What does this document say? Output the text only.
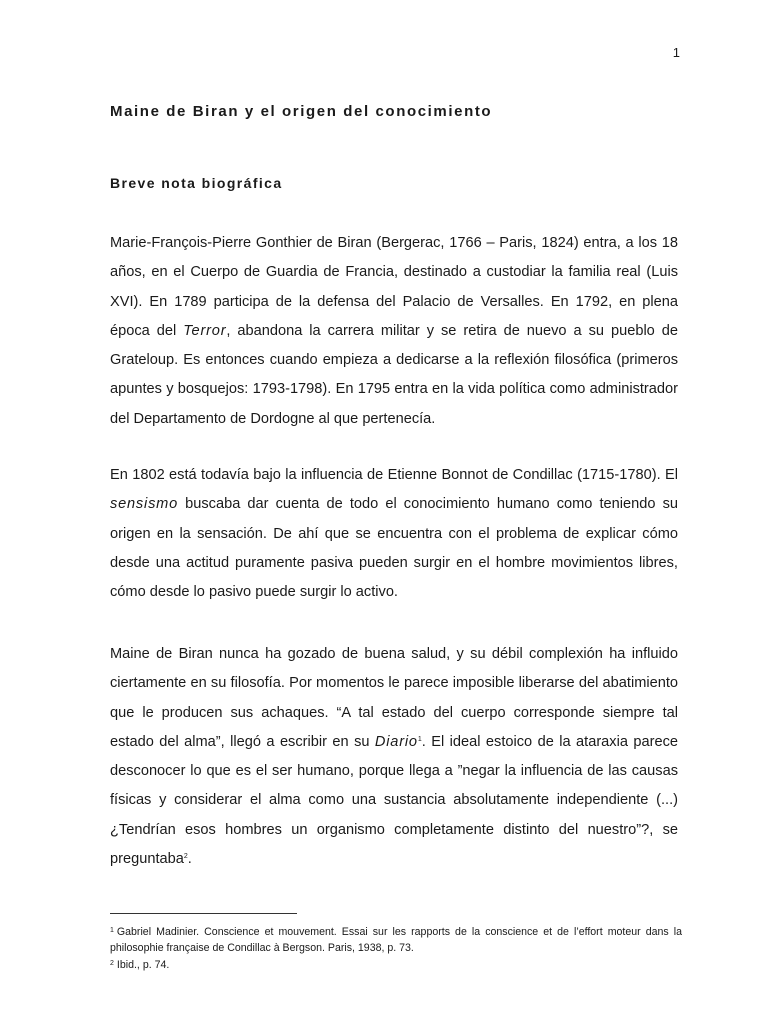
1
Maine de Biran y el origen del conocimiento
Breve nota biográfica

Marie-François-Pierre Gonthier de Biran (Bergerac, 1766 – Paris, 1824) entra, a los 18 años, en el Cuerpo de Guardia de Francia, destinado a custodiar la familia real (Luis XVI). En 1789 participa de la defensa del Palacio de Versalles. En 1792, en plena época del Terror, abandona la carrera militar y se retira de nuevo a su pueblo de Grateloup. Es entonces cuando empieza a dedicarse a la reflexión filosófica (primeros apuntes y bosquejos: 1793-1798). En 1795 entra en la vida política como administrador del Departamento de Dordogne al que pertenecía.

En 1802 está todavía bajo la influencia de Etienne Bonnot de Condillac (1715-1780). El sensismo buscaba dar cuenta de todo el conocimiento humano como teniendo su origen en la sensación. De ahí que se encuentra con el problema de explicar cómo desde una actitud puramente pasiva pueden surgir en el hombre movimientos libres, cómo desde lo pasivo puede surgir lo activo.

Maine de Biran nunca ha gozado de buena salud, y su débil complexión ha influido ciertamente en su filosofía. Por momentos le parece imposible liberarse del abatimiento que le producen sus achaques. “A tal estado del cuerpo corresponde siempre tal estado del alma”, llegó a escribir en su Diario$^1$. El ideal estoico de la ataraxia parece desconocer lo que es el ser humano, porque llega a ”negar la influencia de las causas físicas y considerar el alma como una sustancia absolutamente independiente (...) ¿Tendrían esos hombres un organismo completamente distinto del nuestro”?, se preguntaba$^2$.

$^1$ Gabriel Madinier. Conscience et mouvement. Essai sur les rapports de la conscience et de l’effort moteur dans la philosophie française de Condillac à Bergson. Paris, 1938, p. 73.

$^2$ Ibid., p. 74.
